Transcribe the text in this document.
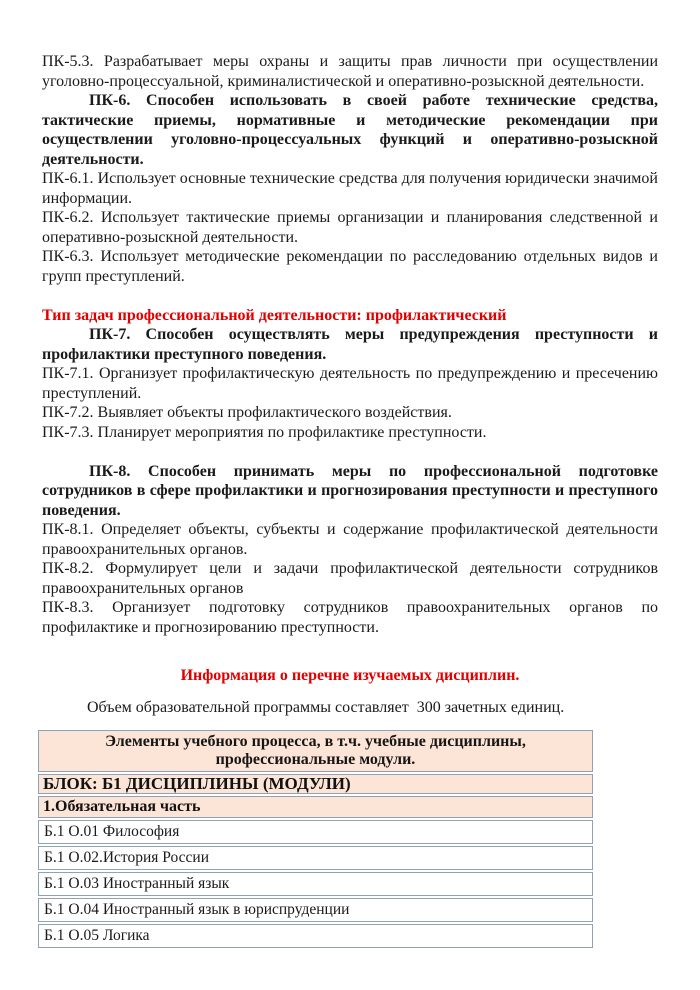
ПК-5.3. Разрабатывает меры охраны и защиты прав личности при осуществлении уголовно-процессуальной, криминалистической и оперативно-розыскной деятельности.

ПК-6. Способен использовать в своей работе технические средства, тактические приемы, нормативные и методические рекомендации при осуществлении уголовно-процессуальных функций и оперативно-розыскной деятельности.

ПК-6.1. Использует основные технические средства для получения юридически значимой информации.

ПК-6.2. Использует тактические приемы организации и планирования следственной и оперативно-розыскной деятельности.

ПК-6.3. Использует методические рекомендации по расследованию отдельных видов и групп преступлений.

Тип задач профессиональной деятельности: профилактический

ПК-7. Способен осуществлять меры предупреждения преступности и профилактики преступного поведения.

ПК-7.1. Организует профилактическую деятельность по предупреждению и пресечению преступлений.

ПК-7.2. Выявляет объекты профилактического воздействия.

ПК-7.3. Планирует мероприятия по профилактике преступности.

ПК-8. Способен принимать меры по профессиональной подготовке сотрудников в сфере профилактики и прогнозирования преступности и преступного поведения.

ПК-8.1. Определяет объекты, субъекты и содержание профилактической деятельности правоохранительных органов.

ПК-8.2. Формулирует цели и задачи профилактической деятельности сотрудников правоохранительных органов

ПК-8.3. Организует подготовку сотрудников правоохранительных органов по профилактике и прогнозированию преступности.

Информация о перечне изучаемых дисциплин.

Объем образовательной программы составляет  300 зачетных единиц.

Элементы учебного процесса, в т.ч. учебные дисциплины, профессиональные модули.
БЛОК: Б1 ДИСЦИПЛИНЫ (МОДУЛИ)
1.Обязательная часть
Б.1 О.01 Философия
Б.1 О.02.История России
Б.1 О.03 Иностранный язык
Б.1 О.04 Иностранный язык в юриспруденции
Б.1 О.05 Логика
